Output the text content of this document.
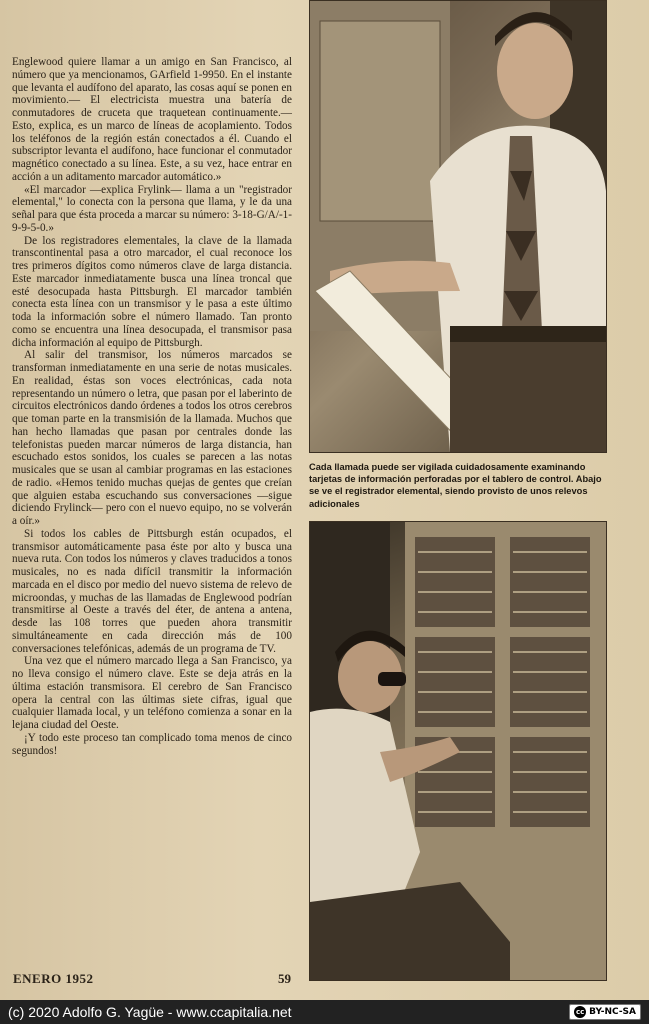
Englewood quiere llamar a un amigo en San Francisco, al número que ya mencionamos, GArfield 1-9950. En el instante que levanta el audífono del aparato, las cosas aquí se ponen en movimiento.— El electricista muestra una batería de conmutadores de cruceta que traquetean continuamente.— Esto, explica, es un marco de líneas de acoplamiento. Todos los teléfonos de la región están conectados a él. Cuando el subscriptor levanta el audífono, hace funcionar el conmutador magnético conectado a su línea. Este, a su vez, hace entrar en acción a un aditamento marcador automático.»

«El marcador —explica Frylink— llama a un "registrador elemental," lo conecta con la persona que llama, y le da una señal para que ésta proceda a marcar su número: 3-18-G/A/-1-9-9-5-0.»

De los registradores elementales, la clave de la llamada transcontinental pasa a otro marcador, el cual reconoce los tres primeros dígitos como números clave de larga distancia. Este marcador inmediatamente busca una línea troncal que esté desocupada hasta Pittsburgh. El marcador también conecta esta línea con un transmisor y le pasa a este último toda la información sobre el número llamado. Tan pronto como se encuentra una línea desocupada, el transmisor pasa dicha información al equipo de Pittsburgh.

Al salir del transmisor, los números marcados se transforman inmediatamente en una serie de notas musicales. En realidad, éstas son voces electrónicas, cada nota representando un número o letra, que pasan por el laberinto de circuitos electrónicos dando órdenes a todos los otros cerebros que toman parte en la transmisión de la llamada. Muchos que han hecho llamadas que pasan por centrales donde las telefonistas pueden marcar números de larga distancia, han escuchado estos sonidos, los cuales se parecen a las notas musicales que se usan al cambiar programas en las estaciones de radio. «Hemos tenido muchas quejas de gentes que creían que alguien estaba escuchando sus conversaciones —sigue diciendo Frylinck— pero con el nuevo equipo, no se volverán a oír.»

Si todos los cables de Pittsburgh están ocupados, el transmisor automáticamente pasa éste por alto y busca una nueva ruta. Con todos los números y claves traducidos a tonos musicales, no es nada difícil transmitir la información marcada en el disco por medio del nuevo sistema de relevo de microondas, y muchas de las llamadas de Englewood podrían transmitirse al Oeste a través del éter, de antena a antena, desde las 108 torres que pueden ahora transmitir simultáneamente en cada dirección más de 100 conversaciones telefónicas, además de un programa de TV.

Una vez que el número marcado llega a San Francisco, ya no lleva consigo el número clave. Este se deja atrás en la última estación transmisora. El cerebro de San Francisco opera la central con las últimas siete cifras, igual que cualquier llamada local, y un teléfono comienza a sonar en la lejana ciudad del Oeste.

¡Y todo este proceso tan complicado toma menos de cinco segundos!

Cada llamada puede ser vigilada cuidadosamente examinando tarjetas de información perforadas por el tablero de control. Abajo se ve el registrador elemental, siendo provisto de unos relevos adicionales
ENERO 1952	59
(c) 2020 Adolfo G. Yagüe - www.ccapitalia.net	cc BY-NC-SA
